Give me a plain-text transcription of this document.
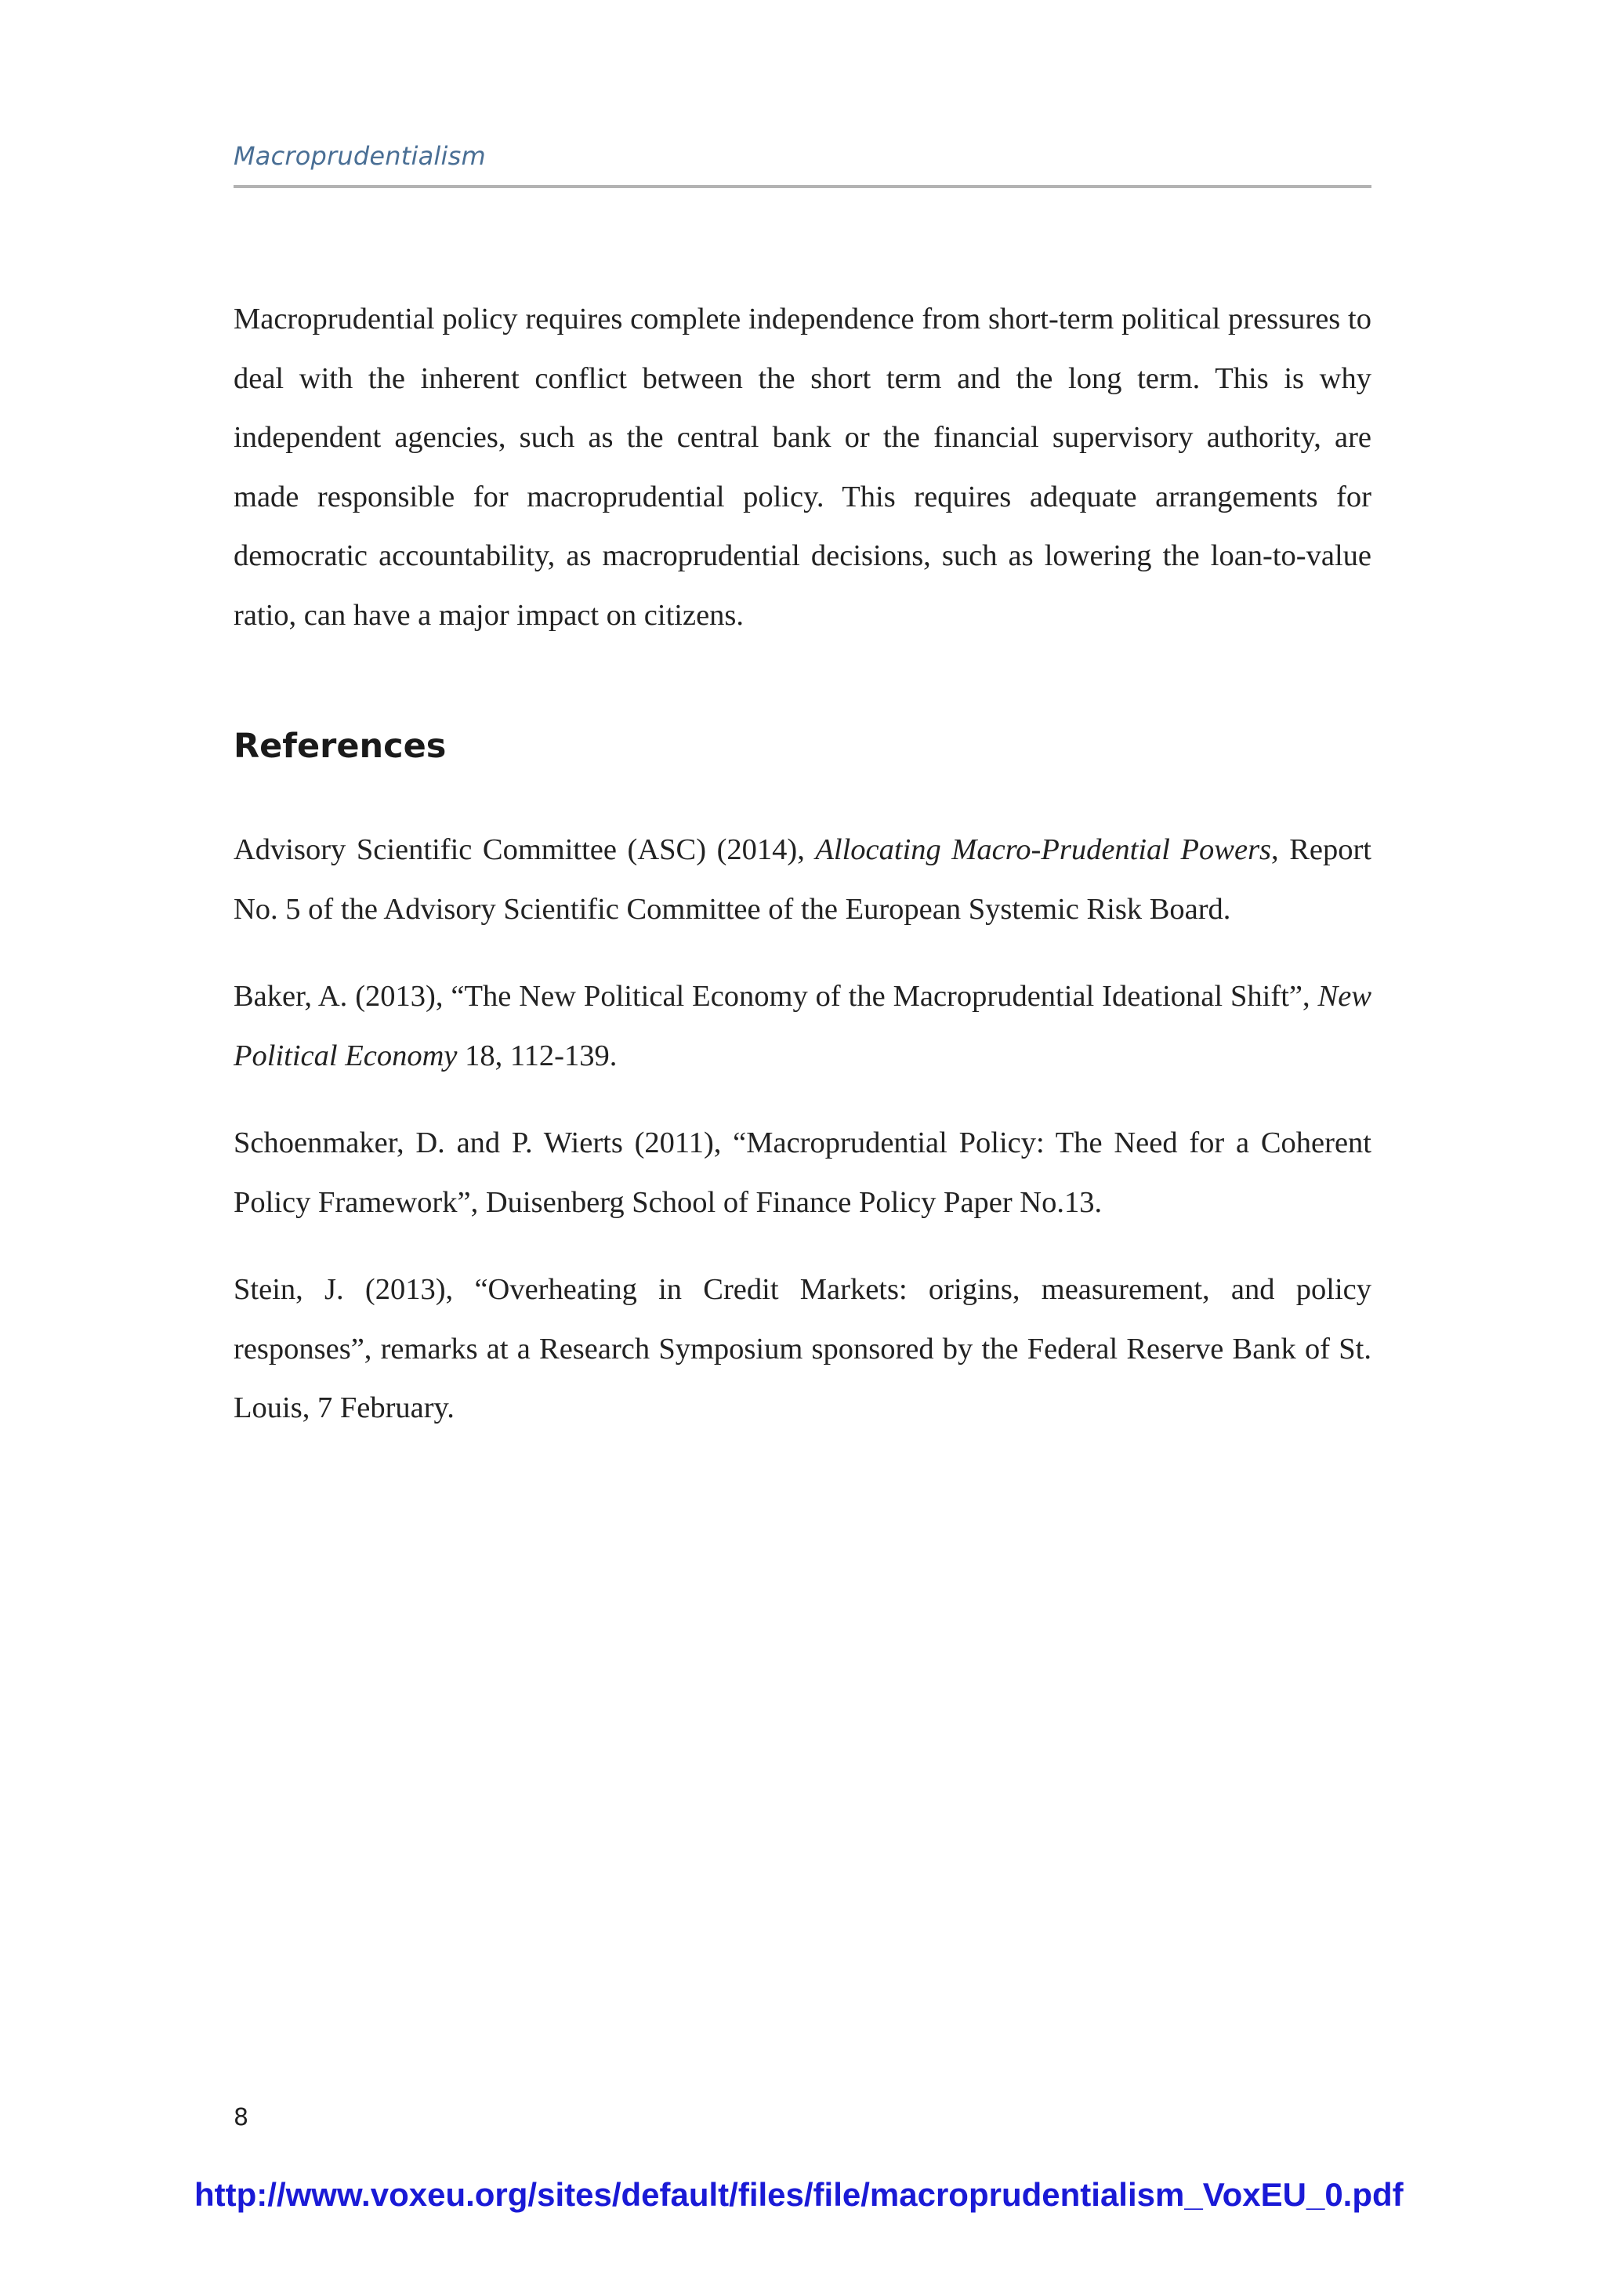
Macroprudentialism

Macroprudential policy requires complete independence from short-term political pressures to deal with the inherent conflict between the short term and the long term. This is why independent agencies, such as the central bank or the financial supervisory authority, are made responsible for macroprudential policy. This requires adequate arrangements for democratic accountability, as macroprudential decisions, such as lowering the loan-to-value ratio, can have a major impact on citizens.

References

Advisory Scientific Committee (ASC) (2014), Allocating Macro-Prudential Powers, Report No. 5 of the Advisory Scientific Committee of the European Systemic Risk Board.

Baker, A. (2013), “The New Political Economy of the Macroprudential Ideational Shift”, New Political Economy 18, 112-139.

Schoenmaker, D. and P. Wierts (2011), “Macroprudential Policy: The Need for a Coherent Policy Framework”, Duisenberg School of Finance Policy Paper No.13.

Stein, J. (2013), “Overheating in Credit Markets: origins, measurement, and policy responses”, remarks at a Research Symposium sponsored by the Federal Reserve Bank of St. Louis, 7 February.

8
http://www.voxeu.org/sites/default/files/file/macroprudentialism_VoxEU_0.pdf
